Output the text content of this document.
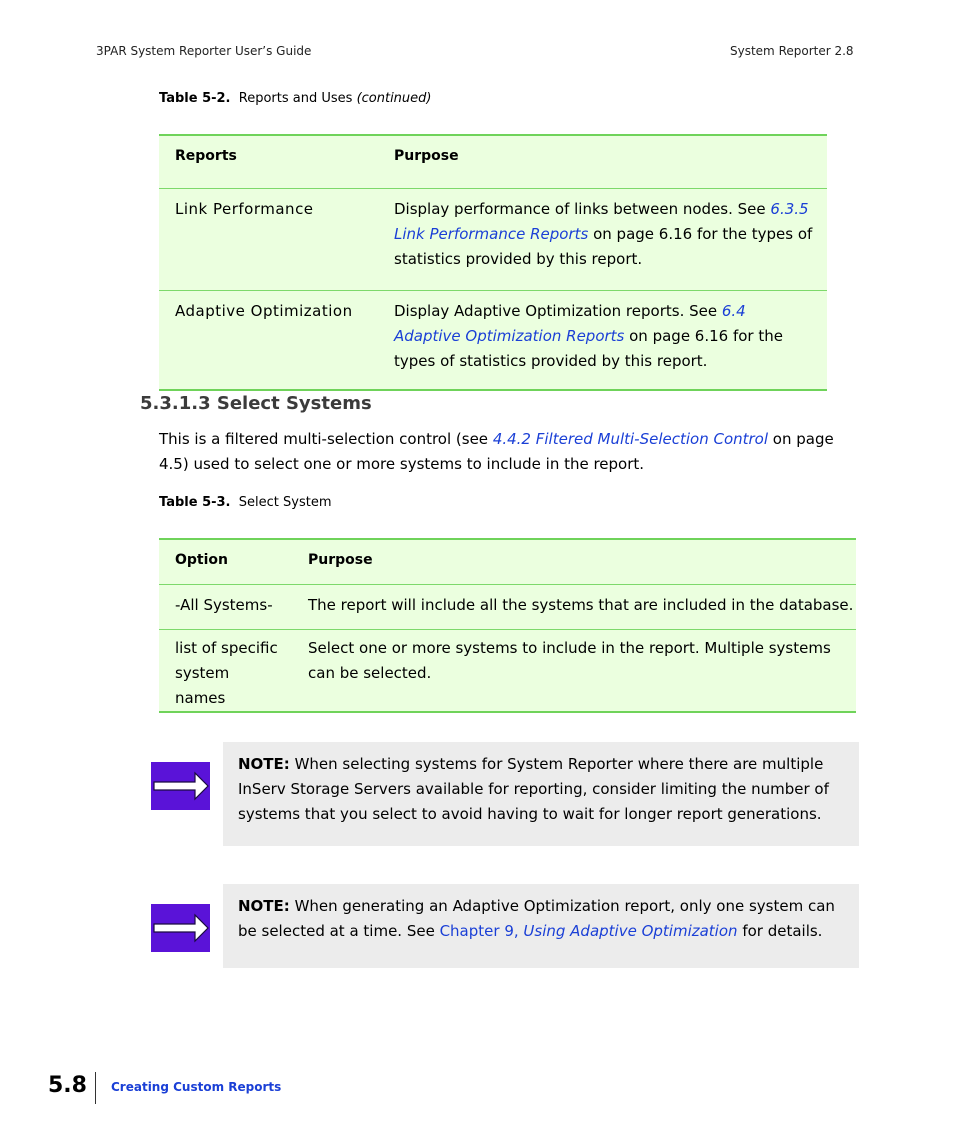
3PAR System Reporter User’s Guide	System Reporter 2.8
Table 5-2. Reports and Uses (continued)
Reports	Purpose
Link Performance	Display performance of links between nodes. See 6.3.5 Link Performance Reports on page 6.16 for the types of statistics provided by this report.
Adaptive Optimization	Display Adaptive Optimization reports. See 6.4 Adaptive Optimization Reports on page 6.16 for the types of statistics provided by this report.
5.3.1.3 Select Systems
This is a filtered multi-selection control (see 4.4.2 Filtered Multi-Selection Control on page 4.5) used to select one or more systems to include in the report.
Table 5-3. Select System
Option	Purpose
-All Systems-	The report will include all the systems that are included in the database.
list of specific system names	Select one or more systems to include in the report. Multiple systems can be selected.
NOTE: When selecting systems for System Reporter where there are multiple InServ Storage Servers available for reporting, consider limiting the number of systems that you select to avoid having to wait for longer report generations.
NOTE: When generating an Adaptive Optimization report, only one system can be selected at a time. See Chapter 9, Using Adaptive Optimization for details.
5.8 Creating Custom Reports
